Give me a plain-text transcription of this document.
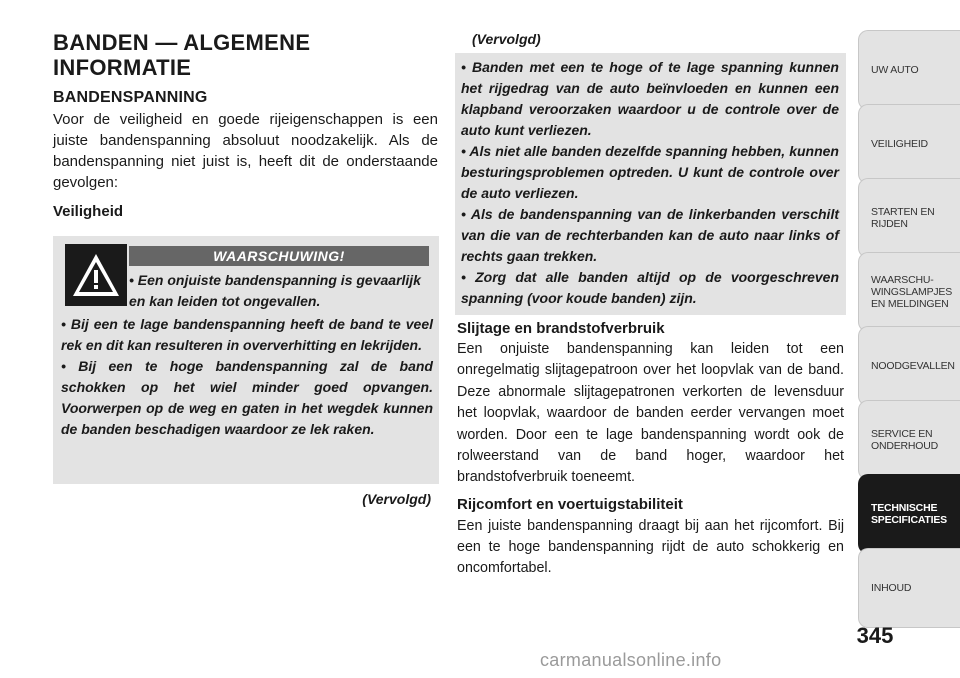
BANDEN — ALGEMENE INFORMATIE
BANDENSPANNING
Voor de veiligheid en goede rijeigenschappen is een juiste bandenspanning absoluut noodzakelijk. Als de bandenspanning niet juist is, heeft dit de onderstaande gevolgen:
Veiligheid
WAARSCHUWING!
• Een onjuiste bandenspanning is gevaarlijk en kan leiden tot ongevallen.

• Bij een te lage bandenspanning heeft de band te veel rek en dit kan resulteren in oververhitting en lekrijden.

• Bij een te hoge bandenspanning zal de band schokken op het wiel minder goed opvangen. Voorwerpen op de weg en gaten in het wegdek kunnen de banden beschadigen waardoor ze lek raken.

(Vervolgd)
(Vervolgd)

• Banden met een te hoge of te lage spanning kunnen het rijgedrag van de auto beïnvloeden en kunnen een klapband veroorzaken waardoor u de controle over de auto kunt verliezen.

• Als niet alle banden dezelfde spanning hebben, kunnen besturingsproblemen optreden. U kunt de controle over de auto verliezen.

• Als de bandenspanning van de linkerbanden verschilt van die van de rechterbanden kan de auto naar links of rechts gaan trekken.

• Zorg dat alle banden altijd op de voorgeschreven spanning (voor koude banden) zijn.

Slijtage en brandstofverbruik
Een onjuiste bandenspanning kan leiden tot een onregelmatig slijtagepatroon over het loopvlak van de band. Deze abnormale slijtagepatronen verkorten de levensduur het loopvlak, waardoor de banden eerder vervangen moet worden. Door een te lage bandenspanning wordt ook de rolweerstand van de band hoger, waardoor het brandstofverbruik toeneemt.
Rijcomfort en voertuigstabiliteit
Een juiste bandenspanning draagt bij aan het rijcomfort. Bij een te hoge bandenspanning rijdt de auto schokkerig en oncomfortabel.
UW AUTO
VEILIGHEID
STARTEN EN
RIJDEN
WAARSCHU-
WINGSLAMPJES
EN MELDINGEN
NOODGEVALLEN
SERVICE EN
ONDERHOUD
TECHNISCHE
SPECIFICATIES
INHOUD
345
carmanualsonline.info
